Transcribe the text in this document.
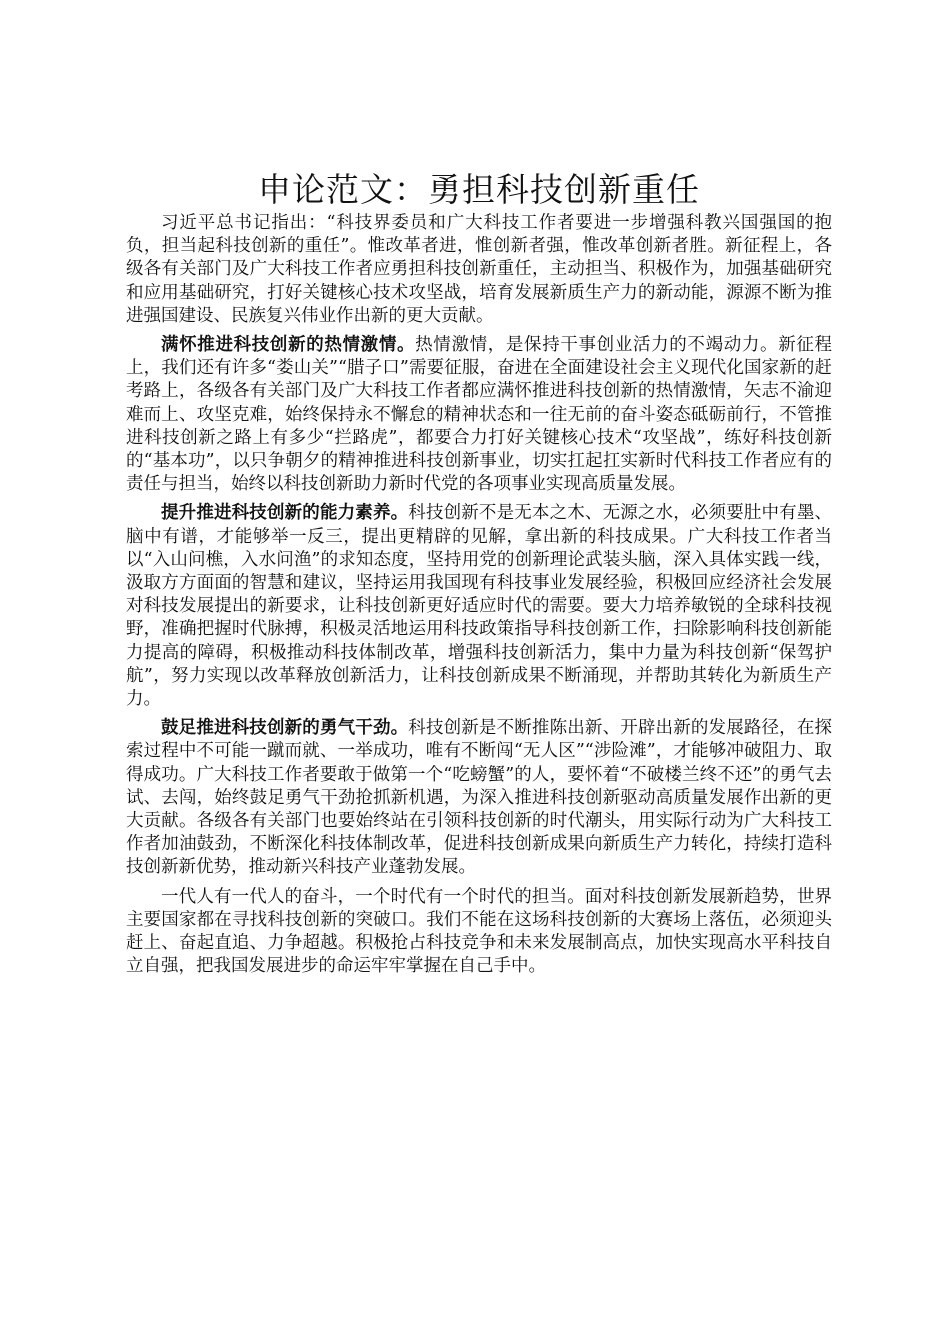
申论范文：勇担科技创新重任

习近平总书记指出：“科技界委员和广大科技工作者要进一步增强科教兴国强国的抱负，担当起科技创新的重任”。惟改革者进，惟创新者强，惟改革创新者胜。新征程上，各级各有关部门及广大科技工作者应勇担科技创新重任，主动担当、积极作为，加强基础研究和应用基础研究，打好关键核心技术攻坚战，培育发展新质生产力的新动能，源源不断为推进强国建设、民族复兴伟业作出新的更大贡献。

满怀推进科技创新的热情激情。热情激情，是保持干事创业活力的不竭动力。新征程上，我们还有许多“娄山关”“腊子口”需要征服，奋进在全面建设社会主义现代化国家新的赶考路上，各级各有关部门及广大科技工作者都应满怀推进科技创新的热情激情，矢志不渝迎难而上、攻坚克难，始终保持永不懈怠的精神状态和一往无前的奋斗姿态砥砺前行，不管推进科技创新之路上有多少“拦路虎”，都要合力打好关键核心技术“攻坚战”，练好科技创新的“基本功”，以只争朝夕的精神推进科技创新事业，切实扛起扛实新时代科技工作者应有的责任与担当，始终以科技创新助力新时代党的各项事业实现高质量发展。

提升推进科技创新的能力素养。科技创新不是无本之木、无源之水，必须要肚中有墨、脑中有谱，才能够举一反三，提出更精辟的见解，拿出新的科技成果。广大科技工作者当以“入山问樵，入水问渔”的求知态度，坚持用党的创新理论武装头脑，深入具体实践一线，汲取方方面面的智慧和建议，坚持运用我国现有科技事业发展经验，积极回应经济社会发展对科技发展提出的新要求，让科技创新更好适应时代的需要。要大力培养敏锐的全球科技视野，准确把握时代脉搏，积极灵活地运用科技政策指导科技创新工作，扫除影响科技创新能力提高的障碍，积极推动科技体制改革，增强科技创新活力，集中力量为科技创新“保驾护航”，努力实现以改革释放创新活力，让科技创新成果不断涌现，并帮助其转化为新质生产力。

鼓足推进科技创新的勇气干劲。科技创新是不断推陈出新、开辟出新的发展路径，在探索过程中不可能一蹴而就、一举成功，唯有不断闯“无人区”“涉险滩”，才能够冲破阻力、取得成功。广大科技工作者要敢于做第一个“吃螃蟹”的人，要怀着“不破楼兰终不还”的勇气去试、去闯，始终鼓足勇气干劲抢抓新机遇，为深入推进科技创新驱动高质量发展作出新的更大贡献。各级各有关部门也要始终站在引领科技创新的时代潮头，用实际行动为广大科技工作者加油鼓劲，不断深化科技体制改革，促进科技创新成果向新质生产力转化，持续打造科技创新新优势，推动新兴科技产业蓬勃发展。

一代人有一代人的奋斗，一个时代有一个时代的担当。面对科技创新发展新趋势，世界主要国家都在寻找科技创新的突破口。我们不能在这场科技创新的大赛场上落伍，必须迎头赶上、奋起直追、力争超越。积极抢占科技竞争和未来发展制高点，加快实现高水平科技自立自强，把我国发展进步的命运牢牢掌握在自己手中。
